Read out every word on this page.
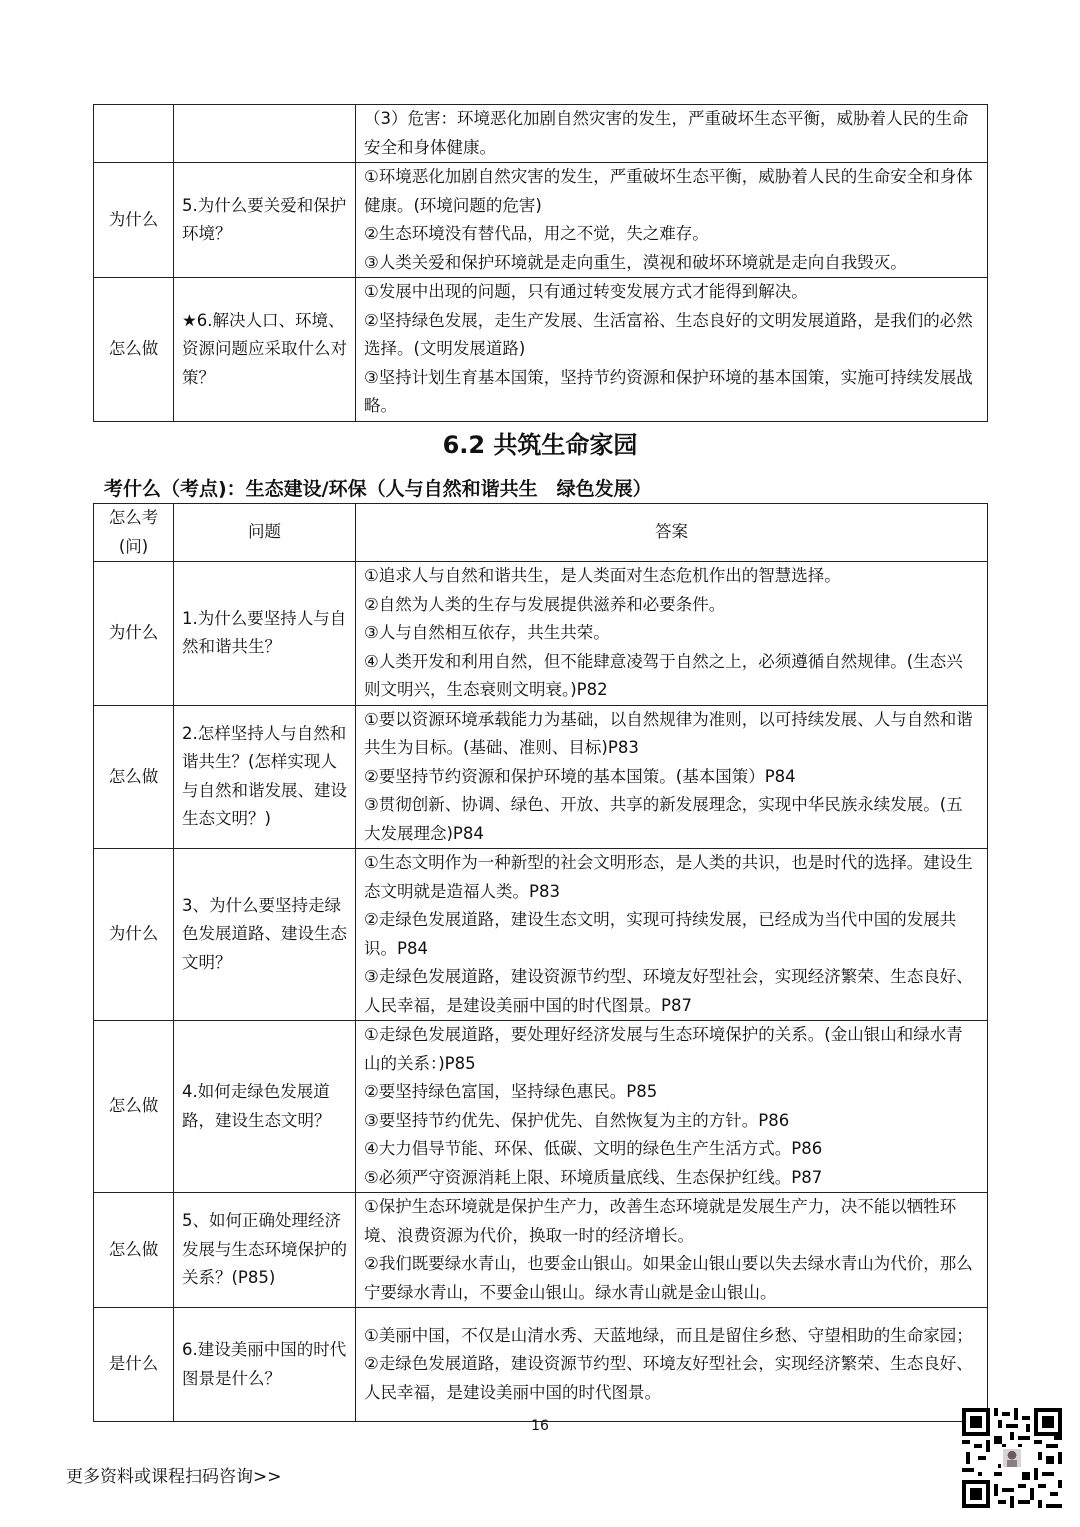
		（3）危害：环境恶化加剧自然灾害的发生，严重破坏生态平衡，威胁着人民的生命安全和身体健康。

为什么	5.为什么要关爱和保护环境？	①环境恶化加剧自然灾害的发生，严重破坏生态平衡，威胁着人民的生命安全和身体健康。(环境问题的危害)
②生态环境没有替代品，用之不觉，失之难存。
③人类关爱和保护环境就是走向重生，漠视和破坏环境就是走向自我毁灭。

怎么做	★6.解决人口、环境、资源问题应采取什么对策？	①发展中出现的问题，只有通过转变发展方式才能得到解决。
②坚持绿色发展，走生产发展、生活富裕、生态良好的文明发展道路，是我们的必然选择。(文明发展道路)
③坚持计划生育基本国策，坚持节约资源和保护环境的基本国策，实施可持续发展战略。
6.2 共筑生命家园
考什么（考点)：生态建设/环保（人与自然和谐共生　绿色发展）
怎么考(问)	问题	答案
为什么	1.为什么要坚持人与自然和谐共生？	①追求人与自然和谐共生，是人类面对生态危机作出的智慧选择。
②自然为人类的生存与发展提供滋养和必要条件。
③人与自然相互依存，共生共荣。
④人类开发和利用自然，但不能肆意凌驾于自然之上，必须遵循自然规律。(生态兴则文明兴，生态衰则文明衰。)P82

怎么做	2.怎样坚持人与自然和谐共生？(怎样实现人与自然和谐发展、建设生态文明？)	①要以资源环境承载能力为基础，以自然规律为准则，以可持续发展、人与自然和谐共生为目标。(基础、准则、目标)P83
②要坚持节约资源和保护环境的基本国策。(基本国策）P84
③贯彻创新、协调、绿色、开放、共享的新发展理念，实现中华民族永续发展。(五大发展理念)P84

为什么	3、为什么要坚持走绿色发展道路、建设生态文明？	①生态文明作为一种新型的社会文明形态，是人类的共识，也是时代的选择。建设生态文明就是造福人类。P83
②走绿色发展道路，建设生态文明，实现可持续发展，已经成为当代中国的发展共识。P84
③走绿色发展道路，建设资源节约型、环境友好型社会，实现经济繁荣、生态良好、人民幸福，是建设美丽中国的时代图景。P87

怎么做	4.如何走绿色发展道路，建设生态文明？	①走绿色发展道路，要处理好经济发展与生态环境保护的关系。(金山银山和绿水青山的关系：)P85
②要坚持绿色富国，坚持绿色惠民。P85
③要坚持节约优先、保护优先、自然恢复为主的方针。P86
④大力倡导节能、环保、低碳、文明的绿色生产生活方式。P86
⑤必须严守资源消耗上限、环境质量底线、生态保护红线。P87

怎么做	5、如何正确处理经济发展与生态环境保护的关系？(P85)	①保护生态环境就是保护生产力，改善生态环境就是发展生产力，决不能以牺牲环境、浪费资源为代价，换取一时的经济增长。
②我们既要绿水青山，也要金山银山。如果金山银山要以失去绿水青山为代价，那么宁要绿水青山，不要金山银山。绿水青山就是金山银山。

是什么	6.建设美丽中国的时代图景是什么？	①美丽中国，不仅是山清水秀、天蓝地绿，而且是留住乡愁、守望相助的生命家园；
②走绿色发展道路，建设资源节约型、环境友好型社会，实现经济繁荣、生态良好、人民幸福，是建设美丽中国的时代图景。
16
更多资料或课程扫码咨询>>
